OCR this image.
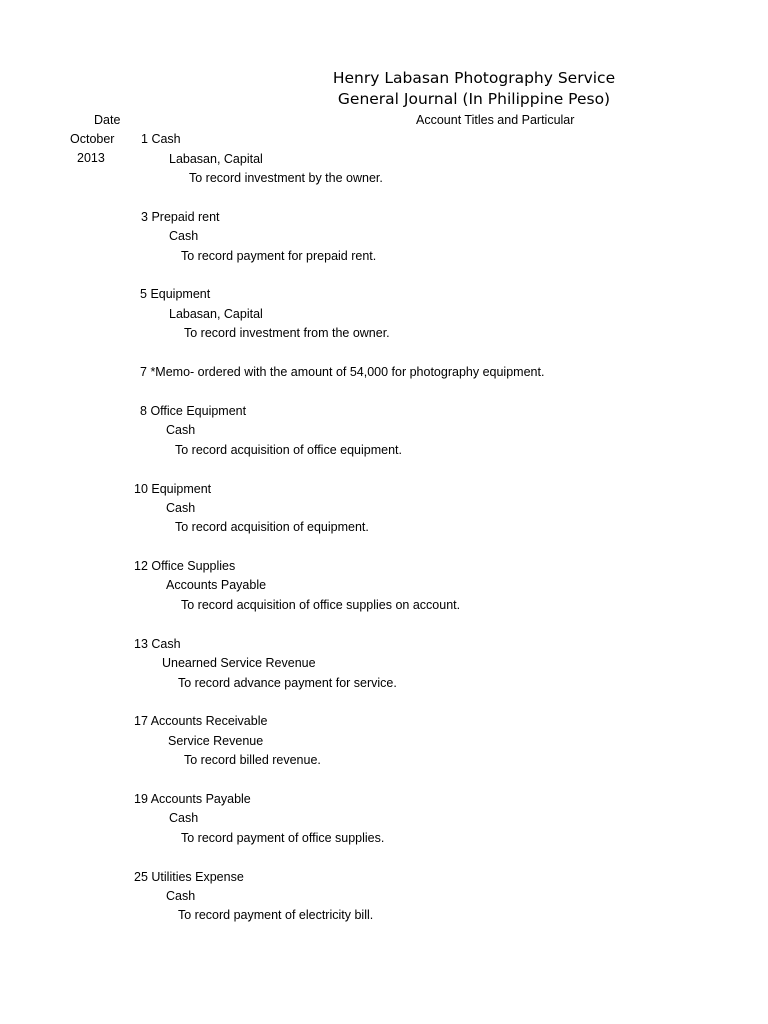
Henry Labasan Photography Service
General Journal (In Philippine Peso)
Date	Account Titles and Particular
October
2013
1 Cash
Labasan, Capital
To record investment by the owner.
3 Prepaid rent
Cash
To record payment for prepaid rent.
5 Equipment
Labasan, Capital
To record investment from the owner.
7 *Memo- ordered with the amount of 54,000 for photography equipment.
8 Office Equipment
Cash
To record acquisition of office equipment.
10 Equipment
Cash
To record acquisition of equipment.
12 Office Supplies
Accounts Payable
To record acquisition of office supplies on account.
13 Cash
Unearned Service Revenue
To record advance payment for service.
17 Accounts Receivable
Service Revenue
To record billed revenue.
19 Accounts Payable
Cash
To record payment of office supplies.
25 Utilities Expense
Cash
To record payment of electricity bill.
